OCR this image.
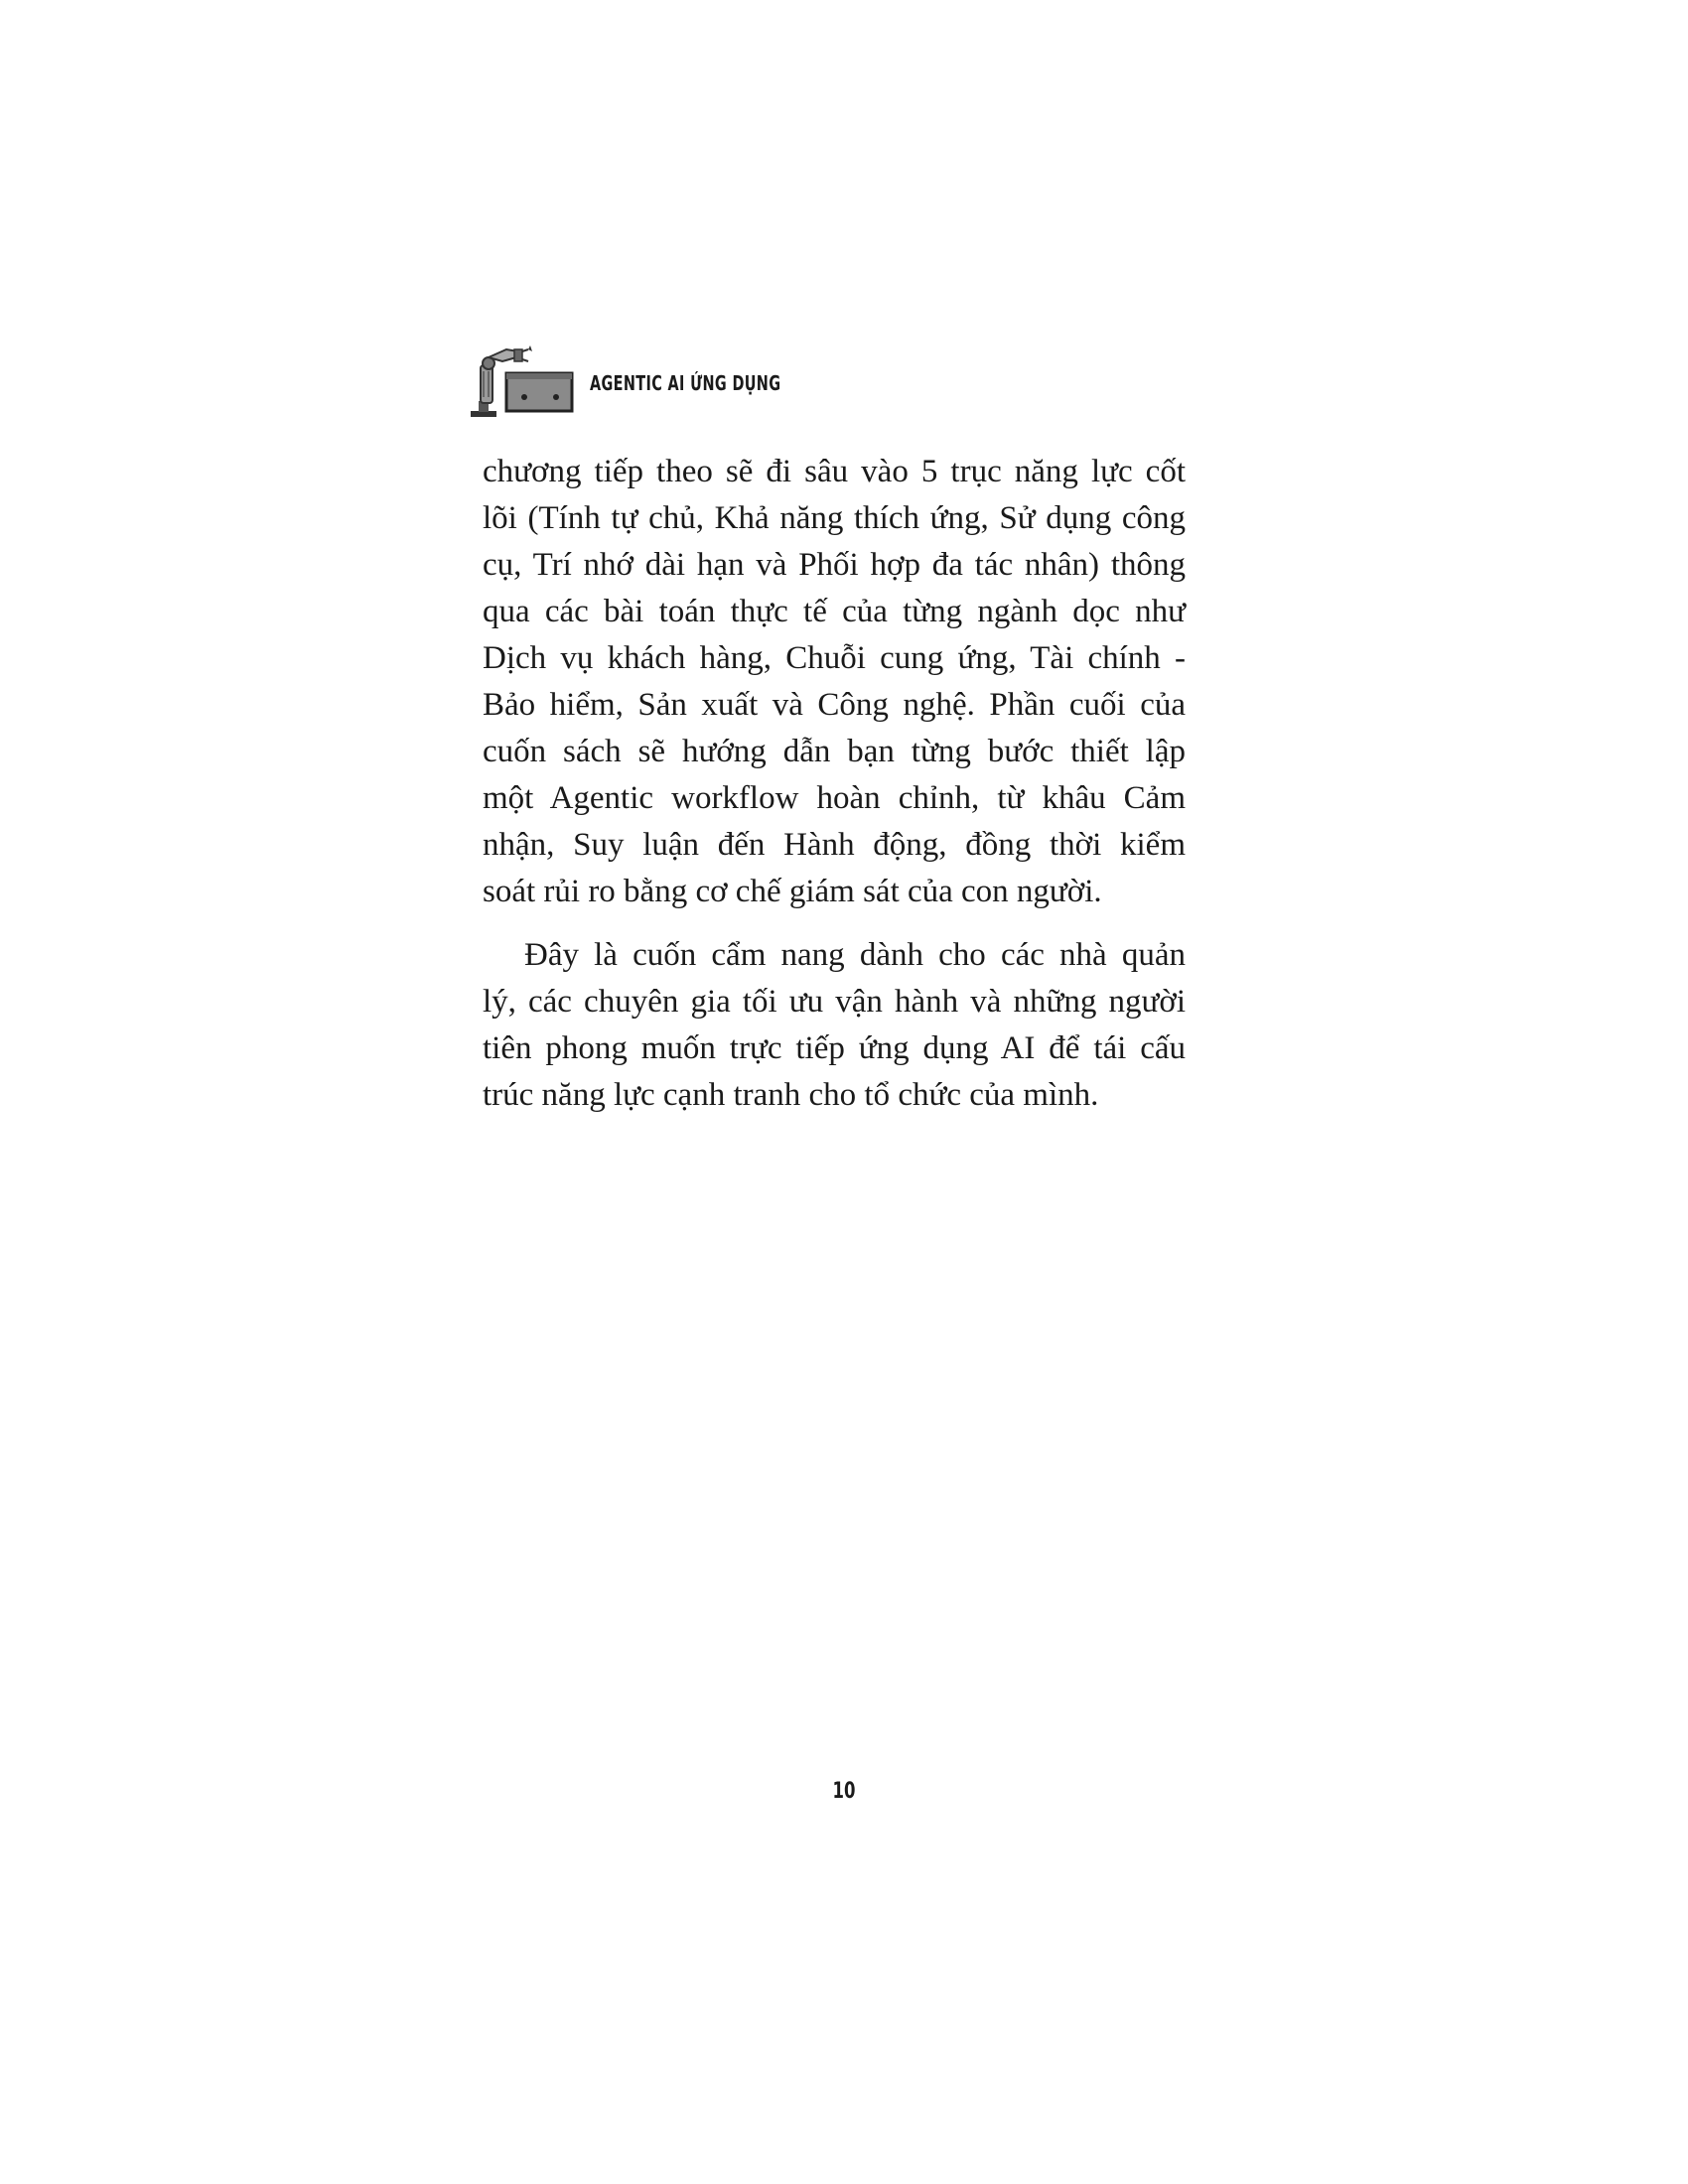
AGENTIC AI ỨNG DỤNG
chương tiếp theo sẽ đi sâu vào 5 trục năng lực cốt
lõi (Tính tự chủ, Khả năng thích ứng, Sử dụng công
cụ, Trí nhớ dài hạn và Phối hợp đa tác nhân) thông
qua các bài toán thực tế của từng ngành dọc như
Dịch vụ khách hàng, Chuỗi cung ứng, Tài chính -
Bảo hiểm, Sản xuất và Công nghệ. Phần cuối của
cuốn sách sẽ hướng dẫn bạn từng bước thiết lập
một Agentic workflow hoàn chỉnh, từ khâu Cảm
nhận, Suy luận đến Hành động, đồng thời kiểm
soát rủi ro bằng cơ chế giám sát của con người.
Đây là cuốn cẩm nang dành cho các nhà quản
lý, các chuyên gia tối ưu vận hành và những người
tiên phong muốn trực tiếp ứng dụng AI để tái cấu
trúc năng lực cạnh tranh cho tổ chức của mình.
10
